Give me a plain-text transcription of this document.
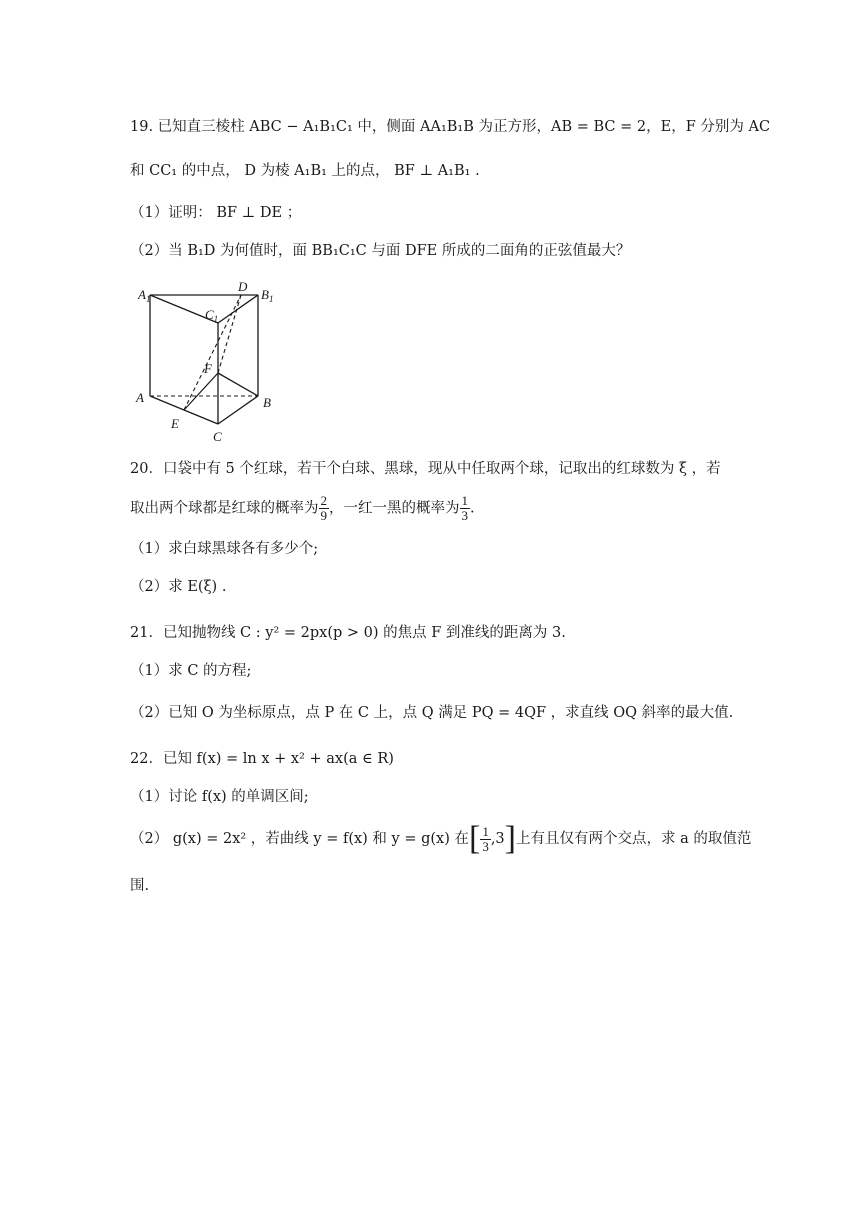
19. 已知直三棱柱 ABC − A₁B₁C₁ 中，侧面 AA₁B₁B 为正方形，AB = BC = 2，E，F 分别为 AC
和 CC₁ 的中点， D 为棱 A₁B₁ 上的点， BF ⊥ A₁B₁ .
（1）证明： BF ⊥ DE ；
（2）当 B₁D 为何值时，面 BB₁C₁C 与面 DFE 所成的二面角的正弦值最大？
$A_1$
D
$B_1$
$C_1$
F
A	B
E
C
20．口袋中有 5 个红球，若干个白球、黑球，现从中任取两个球，记取出的红球数为 ξ ，若
取出两个球都是红球的概率为 $\frac{2}{9}$ ，一红一黑的概率为 $\frac{1}{3}$ .
（1）求白球黑球各有多少个;
（2）求 E(ξ) .
21．已知抛物线 C : y² = 2px(p > 0) 的焦点 F 到准线的距离为 3.
（1）求 C 的方程;
（2）已知 O 为坐标原点，点 P 在 C 上，点 Q 满足 PQ = 4QF ，求直线 OQ 斜率的最大值.
22．已知 f(x) = ln x + x² + ax(a ∈ R)
（1）讨论 f(x) 的单调区间;
（2） g(x) = 2x² ，若曲线 y = f(x) 和 y = g(x) 在[ $\frac{1}{3} ,3$]上有且仅有两个交点，求 a 的取值范
围.
